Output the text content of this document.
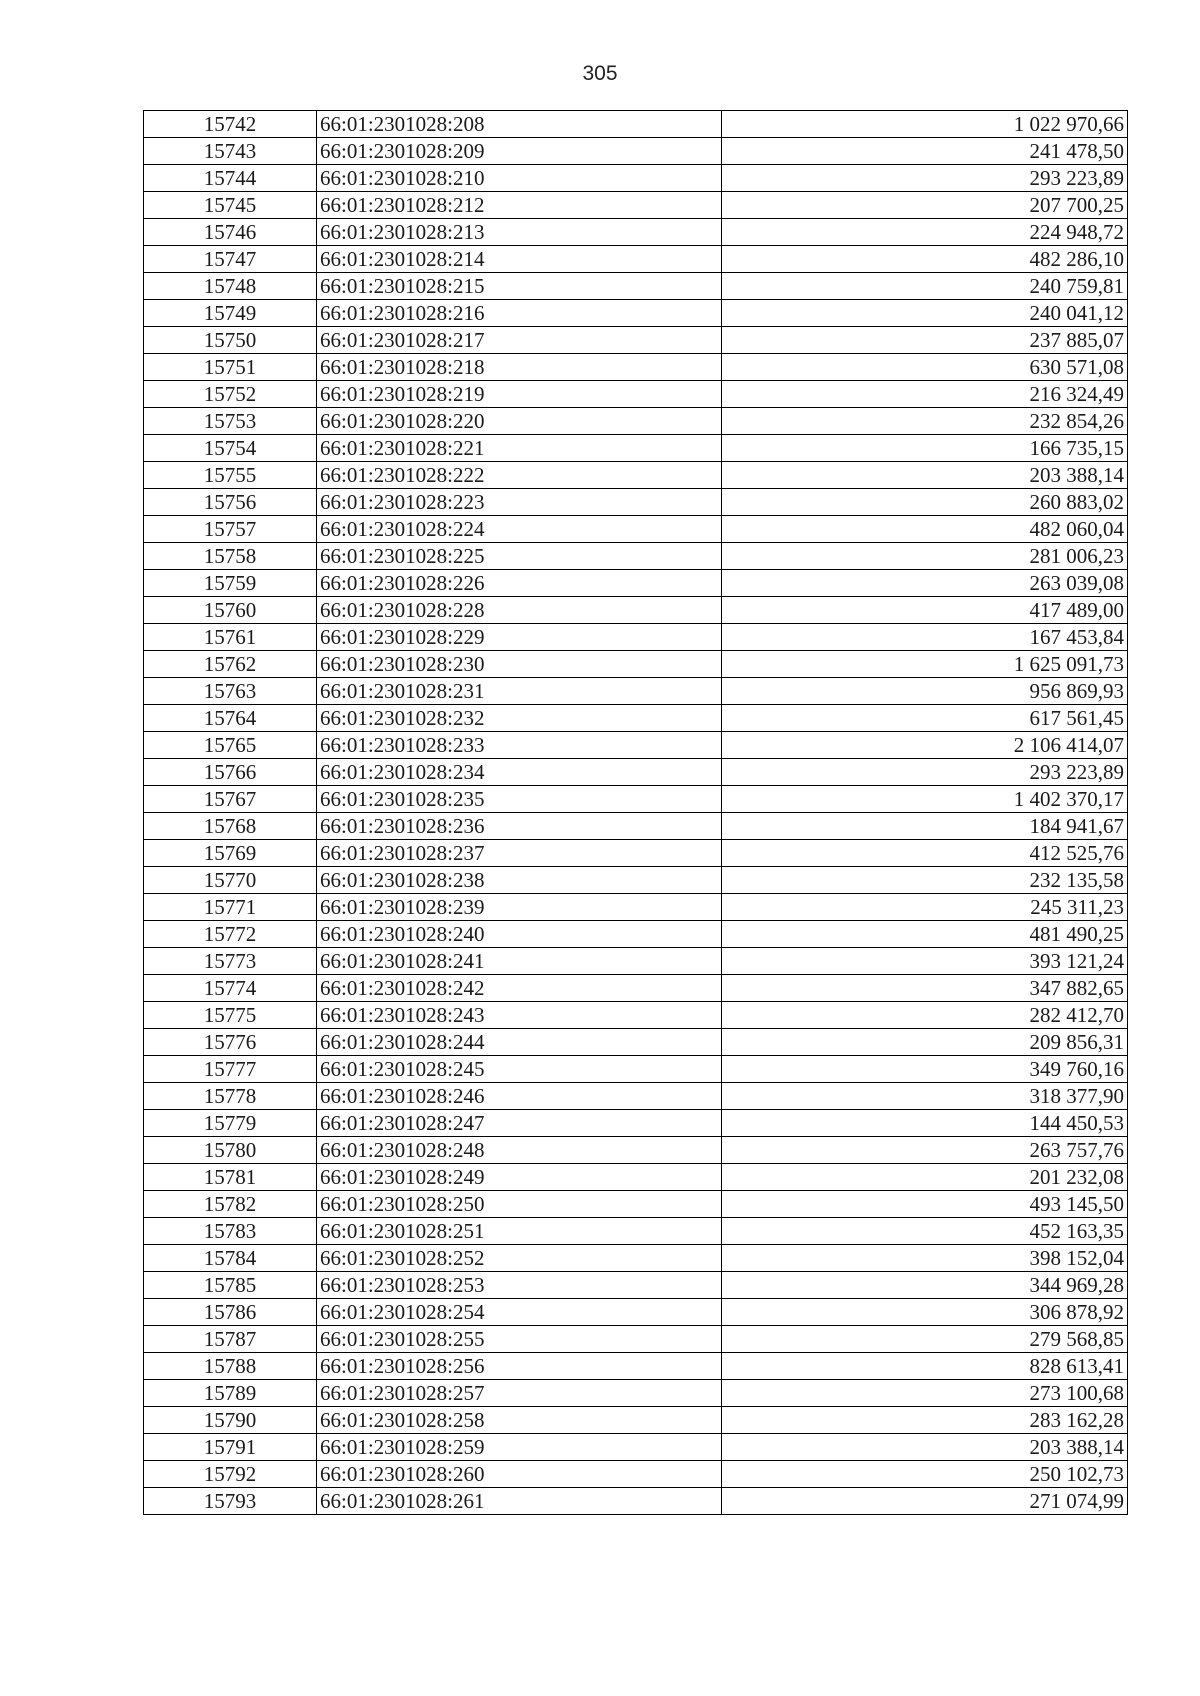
305
15742	66:01:2301028:208	1 022 970,66
15743	66:01:2301028:209	241 478,50
15744	66:01:2301028:210	293 223,89
15745	66:01:2301028:212	207 700,25
15746	66:01:2301028:213	224 948,72
15747	66:01:2301028:214	482 286,10
15748	66:01:2301028:215	240 759,81
15749	66:01:2301028:216	240 041,12
15750	66:01:2301028:217	237 885,07
15751	66:01:2301028:218	630 571,08
15752	66:01:2301028:219	216 324,49
15753	66:01:2301028:220	232 854,26
15754	66:01:2301028:221	166 735,15
15755	66:01:2301028:222	203 388,14
15756	66:01:2301028:223	260 883,02
15757	66:01:2301028:224	482 060,04
15758	66:01:2301028:225	281 006,23
15759	66:01:2301028:226	263 039,08
15760	66:01:2301028:228	417 489,00
15761	66:01:2301028:229	167 453,84
15762	66:01:2301028:230	1 625 091,73
15763	66:01:2301028:231	956 869,93
15764	66:01:2301028:232	617 561,45
15765	66:01:2301028:233	2 106 414,07
15766	66:01:2301028:234	293 223,89
15767	66:01:2301028:235	1 402 370,17
15768	66:01:2301028:236	184 941,67
15769	66:01:2301028:237	412 525,76
15770	66:01:2301028:238	232 135,58
15771	66:01:2301028:239	245 311,23
15772	66:01:2301028:240	481 490,25
15773	66:01:2301028:241	393 121,24
15774	66:01:2301028:242	347 882,65
15775	66:01:2301028:243	282 412,70
15776	66:01:2301028:244	209 856,31
15777	66:01:2301028:245	349 760,16
15778	66:01:2301028:246	318 377,90
15779	66:01:2301028:247	144 450,53
15780	66:01:2301028:248	263 757,76
15781	66:01:2301028:249	201 232,08
15782	66:01:2301028:250	493 145,50
15783	66:01:2301028:251	452 163,35
15784	66:01:2301028:252	398 152,04
15785	66:01:2301028:253	344 969,28
15786	66:01:2301028:254	306 878,92
15787	66:01:2301028:255	279 568,85
15788	66:01:2301028:256	828 613,41
15789	66:01:2301028:257	273 100,68
15790	66:01:2301028:258	283 162,28
15791	66:01:2301028:259	203 388,14
15792	66:01:2301028:260	250 102,73
15793	66:01:2301028:261	271 074,99
